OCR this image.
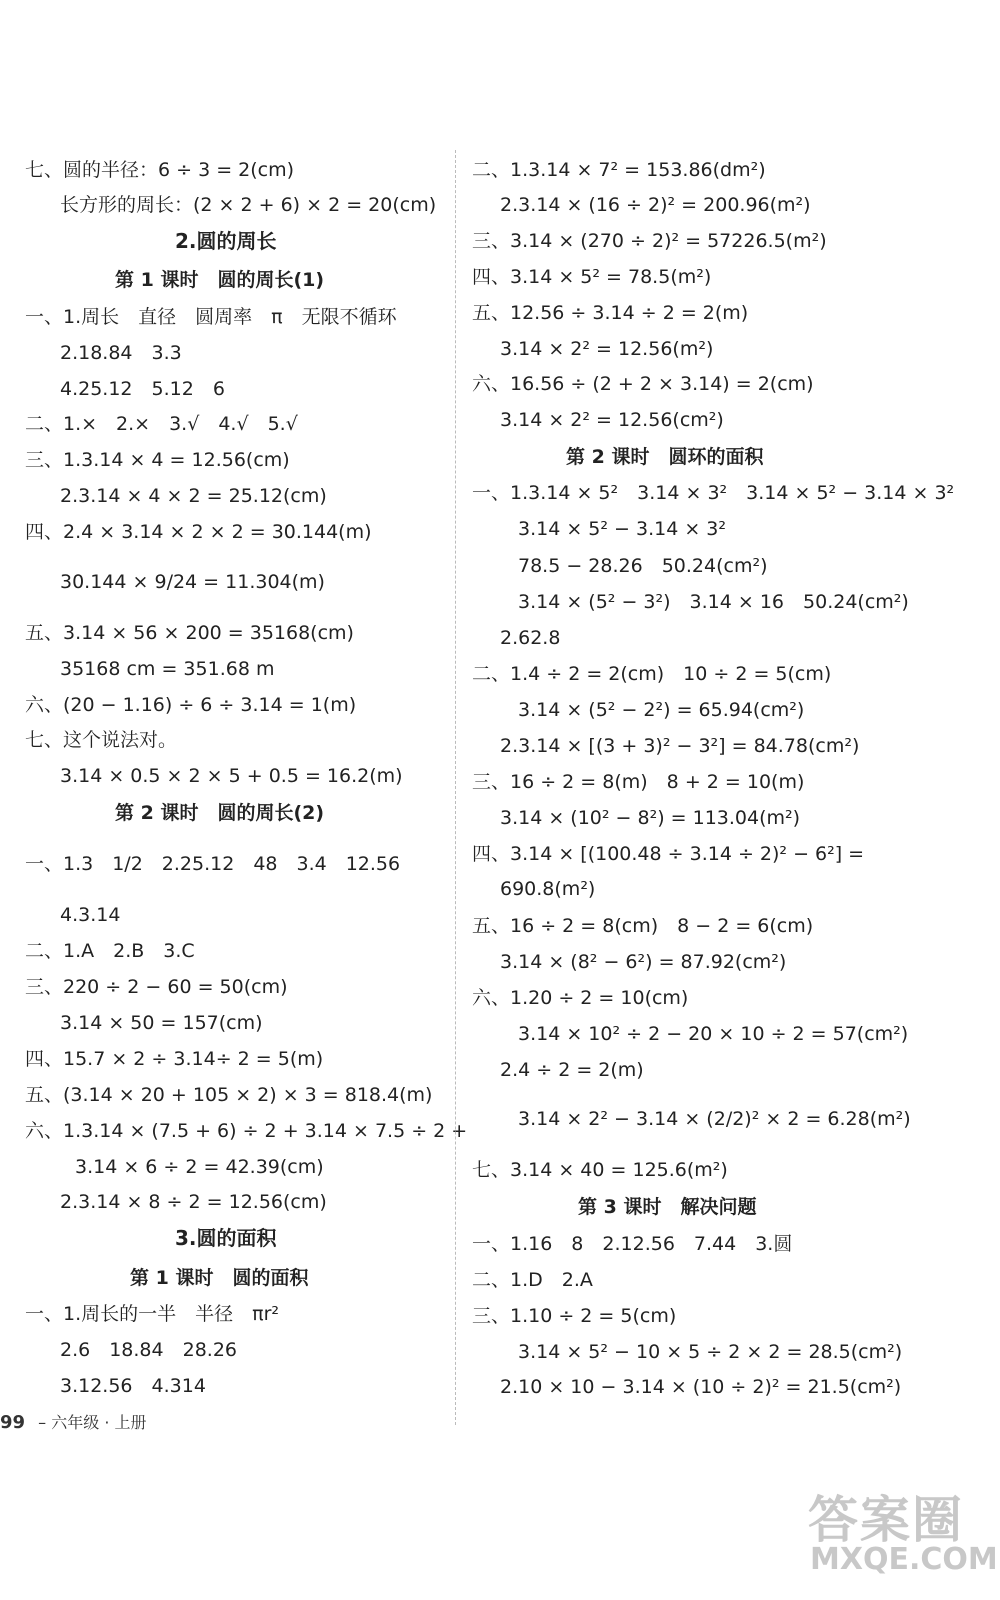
七、圆的半径：6 ÷ 3 = 2(cm)
长方形的周长：(2 × 2 + 6) × 2 = 20(cm)
2.圆的周长
第 1 课时　圆的周长(1)
一、1.周长　直径　圆周率　π　无限不循环
2.18.84　3.3
4.25.12　5.12　6
二、1.×　2.×　3.√　4.√　5.√
三、1.3.14 × 4 = 12.56(cm)
2.3.14 × 4 × 2 = 25.12(cm)
四、2.4 × 3.14 × 2 × 2 = 30.144(m)
30.144 × 9/24 = 11.304(m)
五、3.14 × 56 × 200 = 35168(cm)
35168 cm = 351.68 m
六、(20 − 1.16) ÷ 6 ÷ 3.14 = 1(m)
七、这个说法对。
3.14 × 0.5 × 2 × 5 + 0.5 = 16.2(m)
第 2 课时　圆的周长(2)
一、1.3　1/2　2.25.12　48　3.4　12.56
4.3.14
二、1.A　2.B　3.C
三、220 ÷ 2 − 60 = 50(cm)
3.14 × 50 = 157(cm)
四、15.7 × 2 ÷ 3.14÷ 2 = 5(m)
五、(3.14 × 20 + 105 × 2) × 3 = 818.4(m)
六、1.3.14 × (7.5 + 6) ÷ 2 + 3.14 × 7.5 ÷ 2 +
3.14 × 6 ÷ 2 = 42.39(cm)
2.3.14 × 8 ÷ 2 = 12.56(cm)
3.圆的面积
第 1 课时　圆的面积
一、1.周长的一半　半径　πr²
2.6　18.84　28.26
3.12.56　4.314
二、1.3.14 × 7² = 153.86(dm²)
2.3.14 × (16 ÷ 2)² = 200.96(m²)
三、3.14 × (270 ÷ 2)² = 57226.5(m²)
四、3.14 × 5² = 78.5(m²)
五、12.56 ÷ 3.14 ÷ 2 = 2(m)
3.14 × 2² = 12.56(m²)
六、16.56 ÷ (2 + 2 × 3.14) = 2(cm)
3.14 × 2² = 12.56(cm²)
第 2 课时　圆环的面积
一、1.3.14 × 5²　3.14 × 3²　3.14 × 5² − 3.14 × 3²
3.14 × 5² − 3.14 × 3²
78.5 − 28.26　50.24(cm²)
3.14 × (5² − 3²)　3.14 × 16　50.24(cm²)
2.62.8
二、1.4 ÷ 2 = 2(cm)　10 ÷ 2 = 5(cm)
3.14 × (5² − 2²) = 65.94(cm²)
2.3.14 × [(3 + 3)² − 3²] = 84.78(cm²)
三、16 ÷ 2 = 8(m)　8 + 2 = 10(m)
3.14 × (10² − 8²) = 113.04(m²)
四、3.14 × [(100.48 ÷ 3.14 ÷ 2)² − 6²] =
690.8(m²)
五、16 ÷ 2 = 8(cm)　8 − 2 = 6(cm)
3.14 × (8² − 6²) = 87.92(cm²)
六、1.20 ÷ 2 = 10(cm)
3.14 × 10² ÷ 2 − 20 × 10 ÷ 2 = 57(cm²)
2.4 ÷ 2 = 2(m)
3.14 × 2² − 3.14 × (2/2)² × 2 = 6.28(m²)
七、3.14 × 40 = 125.6(m²)
第 3 课时　解决问题
一、1.16　8　2.12.56　7.44　3.圆
二、1.D　2.A
三、1.10 ÷ 2 = 5(cm)
3.14 × 5² − 10 × 5 ÷ 2 × 2 = 28.5(cm²)
2.10 × 10 − 3.14 × (10 ÷ 2)² = 21.5(cm²)
99 – 六年级 · 上册
答案圈
MXQE.COM
